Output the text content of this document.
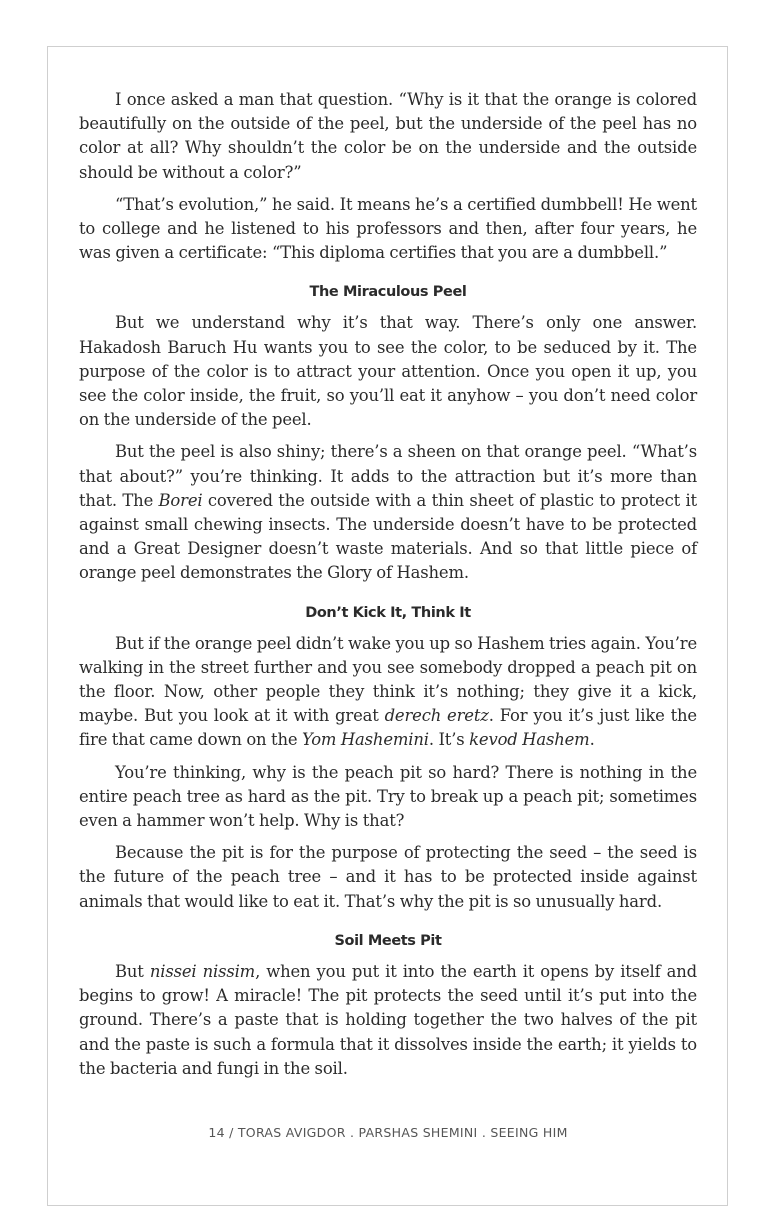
I once asked a man that question. “Why is it that the orange is colored beautifully on the outside of the peel, but the underside of the peel has no color at all? Why shouldn’t the color be on the underside and the outside should be without a color?”

“That’s evolution,” he said. It means he’s a certified dumbbell! He went to college and he listened to his professors and then, after four years, he was given a certificate: “This diploma certifies that you are a dumbbell.”

The Miraculous Peel

But we understand why it’s that way. There’s only one answer. Hakadosh Baruch Hu wants you to see the color, to be seduced by it. The purpose of the color is to attract your attention. Once you open it up, you see the color inside, the fruit, so you’ll eat it anyhow – you don’t need color on the underside of the peel.

But the peel is also shiny; there’s a sheen on that orange peel. “What’s that about?” you’re thinking. It adds to the attraction but it’s more than that. The Borei covered the outside with a thin sheet of plastic to protect it against small chewing insects. The underside doesn’t have to be protected and a Great Designer doesn’t waste materials. And so that little piece of orange peel demonstrates the Glory of Hashem.

Don’t Kick It, Think It

But if the orange peel didn’t wake you up so Hashem tries again. You’re walking in the street further and you see somebody dropped a peach pit on the floor. Now, other people they think it’s nothing; they give it a kick, maybe. But you look at it with great derech eretz. For you it’s just like the fire that came down on the Yom Hashemini. It’s kevod Hashem.

You’re thinking, why is the peach pit so hard? There is nothing in the entire peach tree as hard as the pit. Try to break up a peach pit; sometimes even a hammer won’t help. Why is that?

Because the pit is for the purpose of protecting the seed – the seed is the future of the peach tree – and it has to be protected inside against animals that would like to eat it. That’s why the pit is so unusually hard.

Soil Meets Pit

But nissei nissim, when you put it into the earth it opens by itself and begins to grow! A miracle! The pit protects the seed until it’s put into the ground. There’s a paste that is holding together the two halves of the pit and the paste is such a formula that it dissolves inside the earth; it yields to the bacteria and fungi in the soil.

14 / TORAS AVIGDOR . PARSHAS SHEMINI . SEEING HIM
